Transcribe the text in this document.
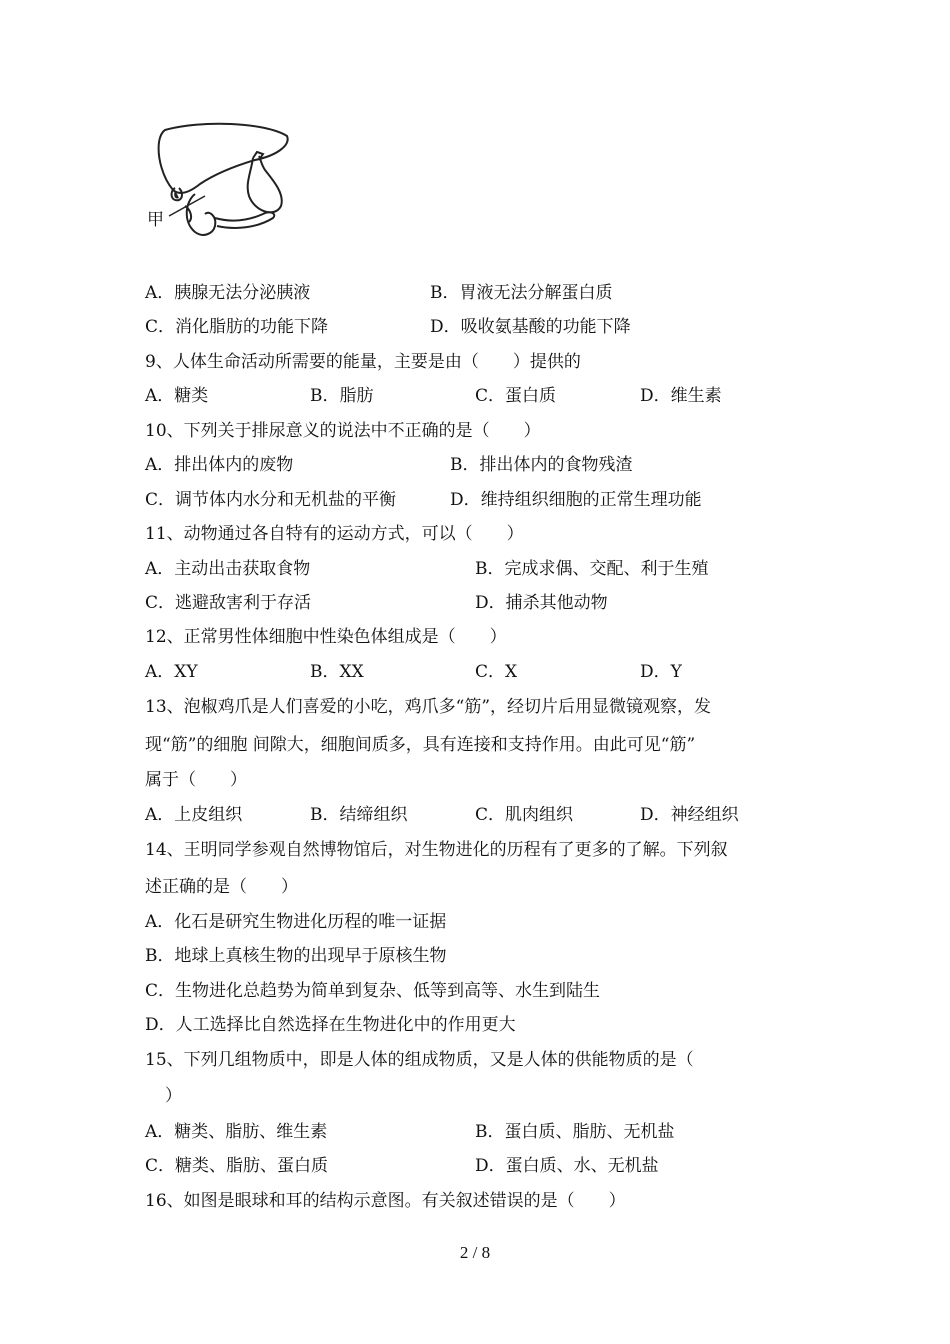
甲
A．胰腺无法分泌胰液	B．胃液无法分解蛋白质
C．消化脂肪的功能下降	D．吸收氨基酸的功能下降
9、人体生命活动所需要的能量，主要是由（　　）提供的
A．糖类	B．脂肪	C．蛋白质	D．维生素
10、下列关于排尿意义的说法中不正确的是（　　）
A．排出体内的废物	B．排出体内的食物残渣
C．调节体内水分和无机盐的平衡	D．维持组织细胞的正常生理功能
11、动物通过各自特有的运动方式，可以（　　）
A．主动出击获取食物	B．完成求偶、交配、利于生殖
C．逃避敌害利于存活	D．捕杀其他动物
12、正常男性体细胞中性染色体组成是（　　）
A．XY	B．XX	C．X	D．Y
13、泡椒鸡爪是人们喜爱的小吃，鸡爪多“筋”，经切片后用显微镜观察，发
现“筋”的细胞 间隙大，细胞间质多，具有连接和支持作用。由此可见“筋”
属于（　　）
A．上皮组织	B．结缔组织	C．肌肉组织	D．神经组织
14、王明同学参观自然博物馆后，对生物进化的历程有了更多的了解。下列叙
述正确的是（　　）
A．化石是研究生物进化历程的唯一证据
B．地球上真核生物的出现早于原核生物
C．生物进化总趋势为简单到复杂、低等到高等、水生到陆生
D．人工选择比自然选择在生物进化中的作用更大
15、下列几组物质中，即是人体的组成物质，又是人体的供能物质的是（
）
A．糖类、脂肪、维生素	B．蛋白质、脂肪、无机盐
C．糖类、脂肪、蛋白质	D．蛋白质、水、无机盐
16、如图是眼球和耳的结构示意图。有关叙述错误的是（　　）
2 / 8
